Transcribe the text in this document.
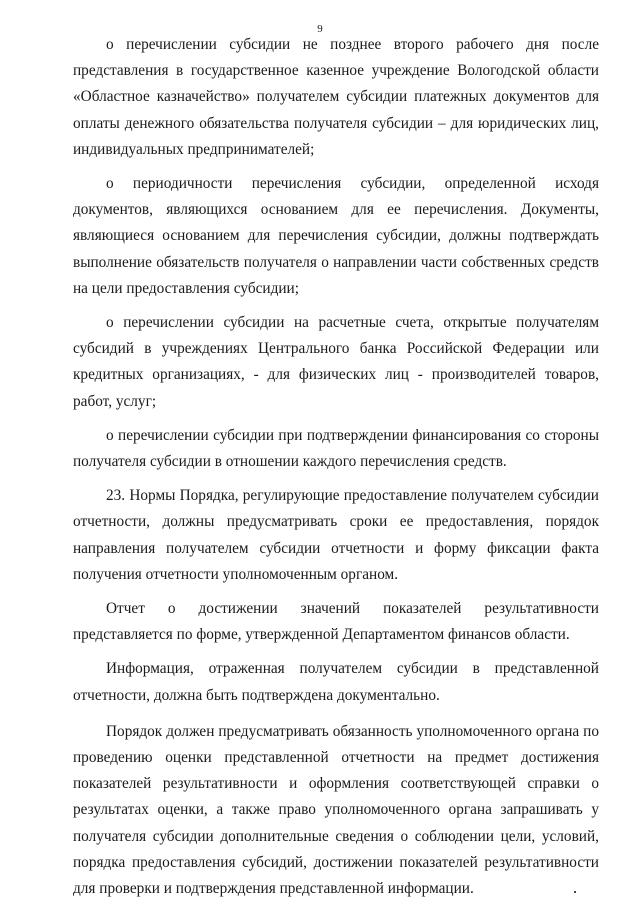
9

о перечислении субсидии не позднее второго рабочего дня после представления в государственное казенное учреждение Вологодской области «Областное казначейство» получателем субсидии платежных документов для оплаты денежного обязательства получателя субсидии – для юридических лиц, индивидуальных предпринимателей;

о периодичности перечисления субсидии, определенной исходя документов, являющихся основанием для ее перечисления. Документы, являющиеся основанием для перечисления субсидии, должны подтверждать выполнение обязательств получателя о направлении части собственных средств на цели предоставления субсидии;

о перечислении субсидии на расчетные счета, открытые получателям субсидий в учреждениях Центрального банка Российской Федерации или кредитных организациях, - для физических лиц - производителей товаров, работ, услуг;

о перечислении субсидии при подтверждении финансирования со стороны получателя субсидии в отношении каждого перечисления средств.

23. Нормы Порядка, регулирующие предоставление получателем субсидии отчетности, должны предусматривать сроки ее предоставления, порядок направления получателем субсидии отчетности и форму фиксации факта получения отчетности уполномоченным органом.

Отчет о достижении значений показателей результативности представляется по форме, утвержденной Департаментом финансов области.

Информация, отраженная получателем субсидии в представленной отчетности, должна быть подтверждена документально.

Порядок должен предусматривать обязанность уполномоченного органа по проведению оценки представленной отчетности на предмет достижения показателей результативности и оформления соответствующей справки о результатах оценки, а также право уполномоченного органа запрашивать у получателя субсидии дополнительные сведения о соблюдении цели, условий, порядка предоставления субсидий, достижении показателей результативности для проверки и подтверждения представленной информации.
